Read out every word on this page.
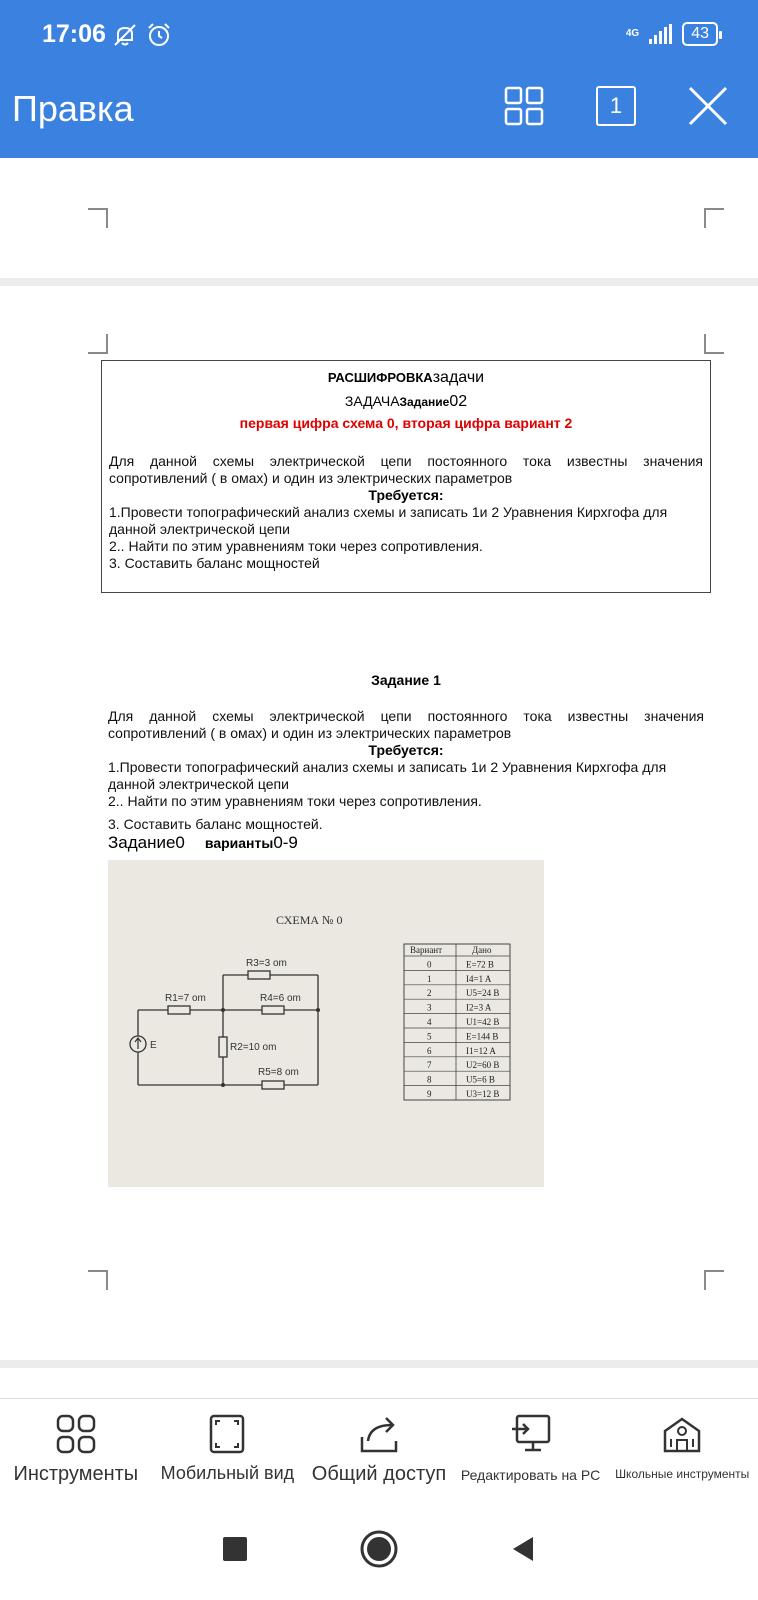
17:06	4G	43
Правка	1
РАСШИФРОВКАзадачи
ЗАДАЧАЗадание02
первая цифра схема 0, вторая цифра вариант 2
Для данной схемы электрической цепи постоянного тока известны значения сопротивлений ( в омах) и один из электрических параметров
Требуется:
1.Провести топографический анализ схемы и записать 1и 2 Уравнения Кирхгофа для данной электрической цепи
2.. Найти по этим уравнениям токи через сопротивления.
3. Составить баланс мощностей
Задание 1
Для данной схемы электрической цепи постоянного тока известны значения сопротивлений ( в омах) и один из электрических параметров
Требуется:
1.Провести топографический анализ схемы и записать 1и 2 Уравнения Кирхгофа для данной электрической цепи
2.. Найти по этим уравнениям токи через сопротивления.
3. Составить баланс мощностей.
Задание0 варианты0-9
СХЕМА № 0
R3=3 om
R1=7 om	R4=6 om
E	R2=10 om
R5=8 om
Вариант	Дано
0	E=72 B
1	I4=1 A
2	U5=24 B
3	I2=3 A
4	U1=42 B
5	E=144 B
6	I1=12 A
7	U2=60 B
8	U5=6 B
9	U3=12 B
Инструменты Мобильный вид Общий доступ Редактировать на PC Школьные инструменты
